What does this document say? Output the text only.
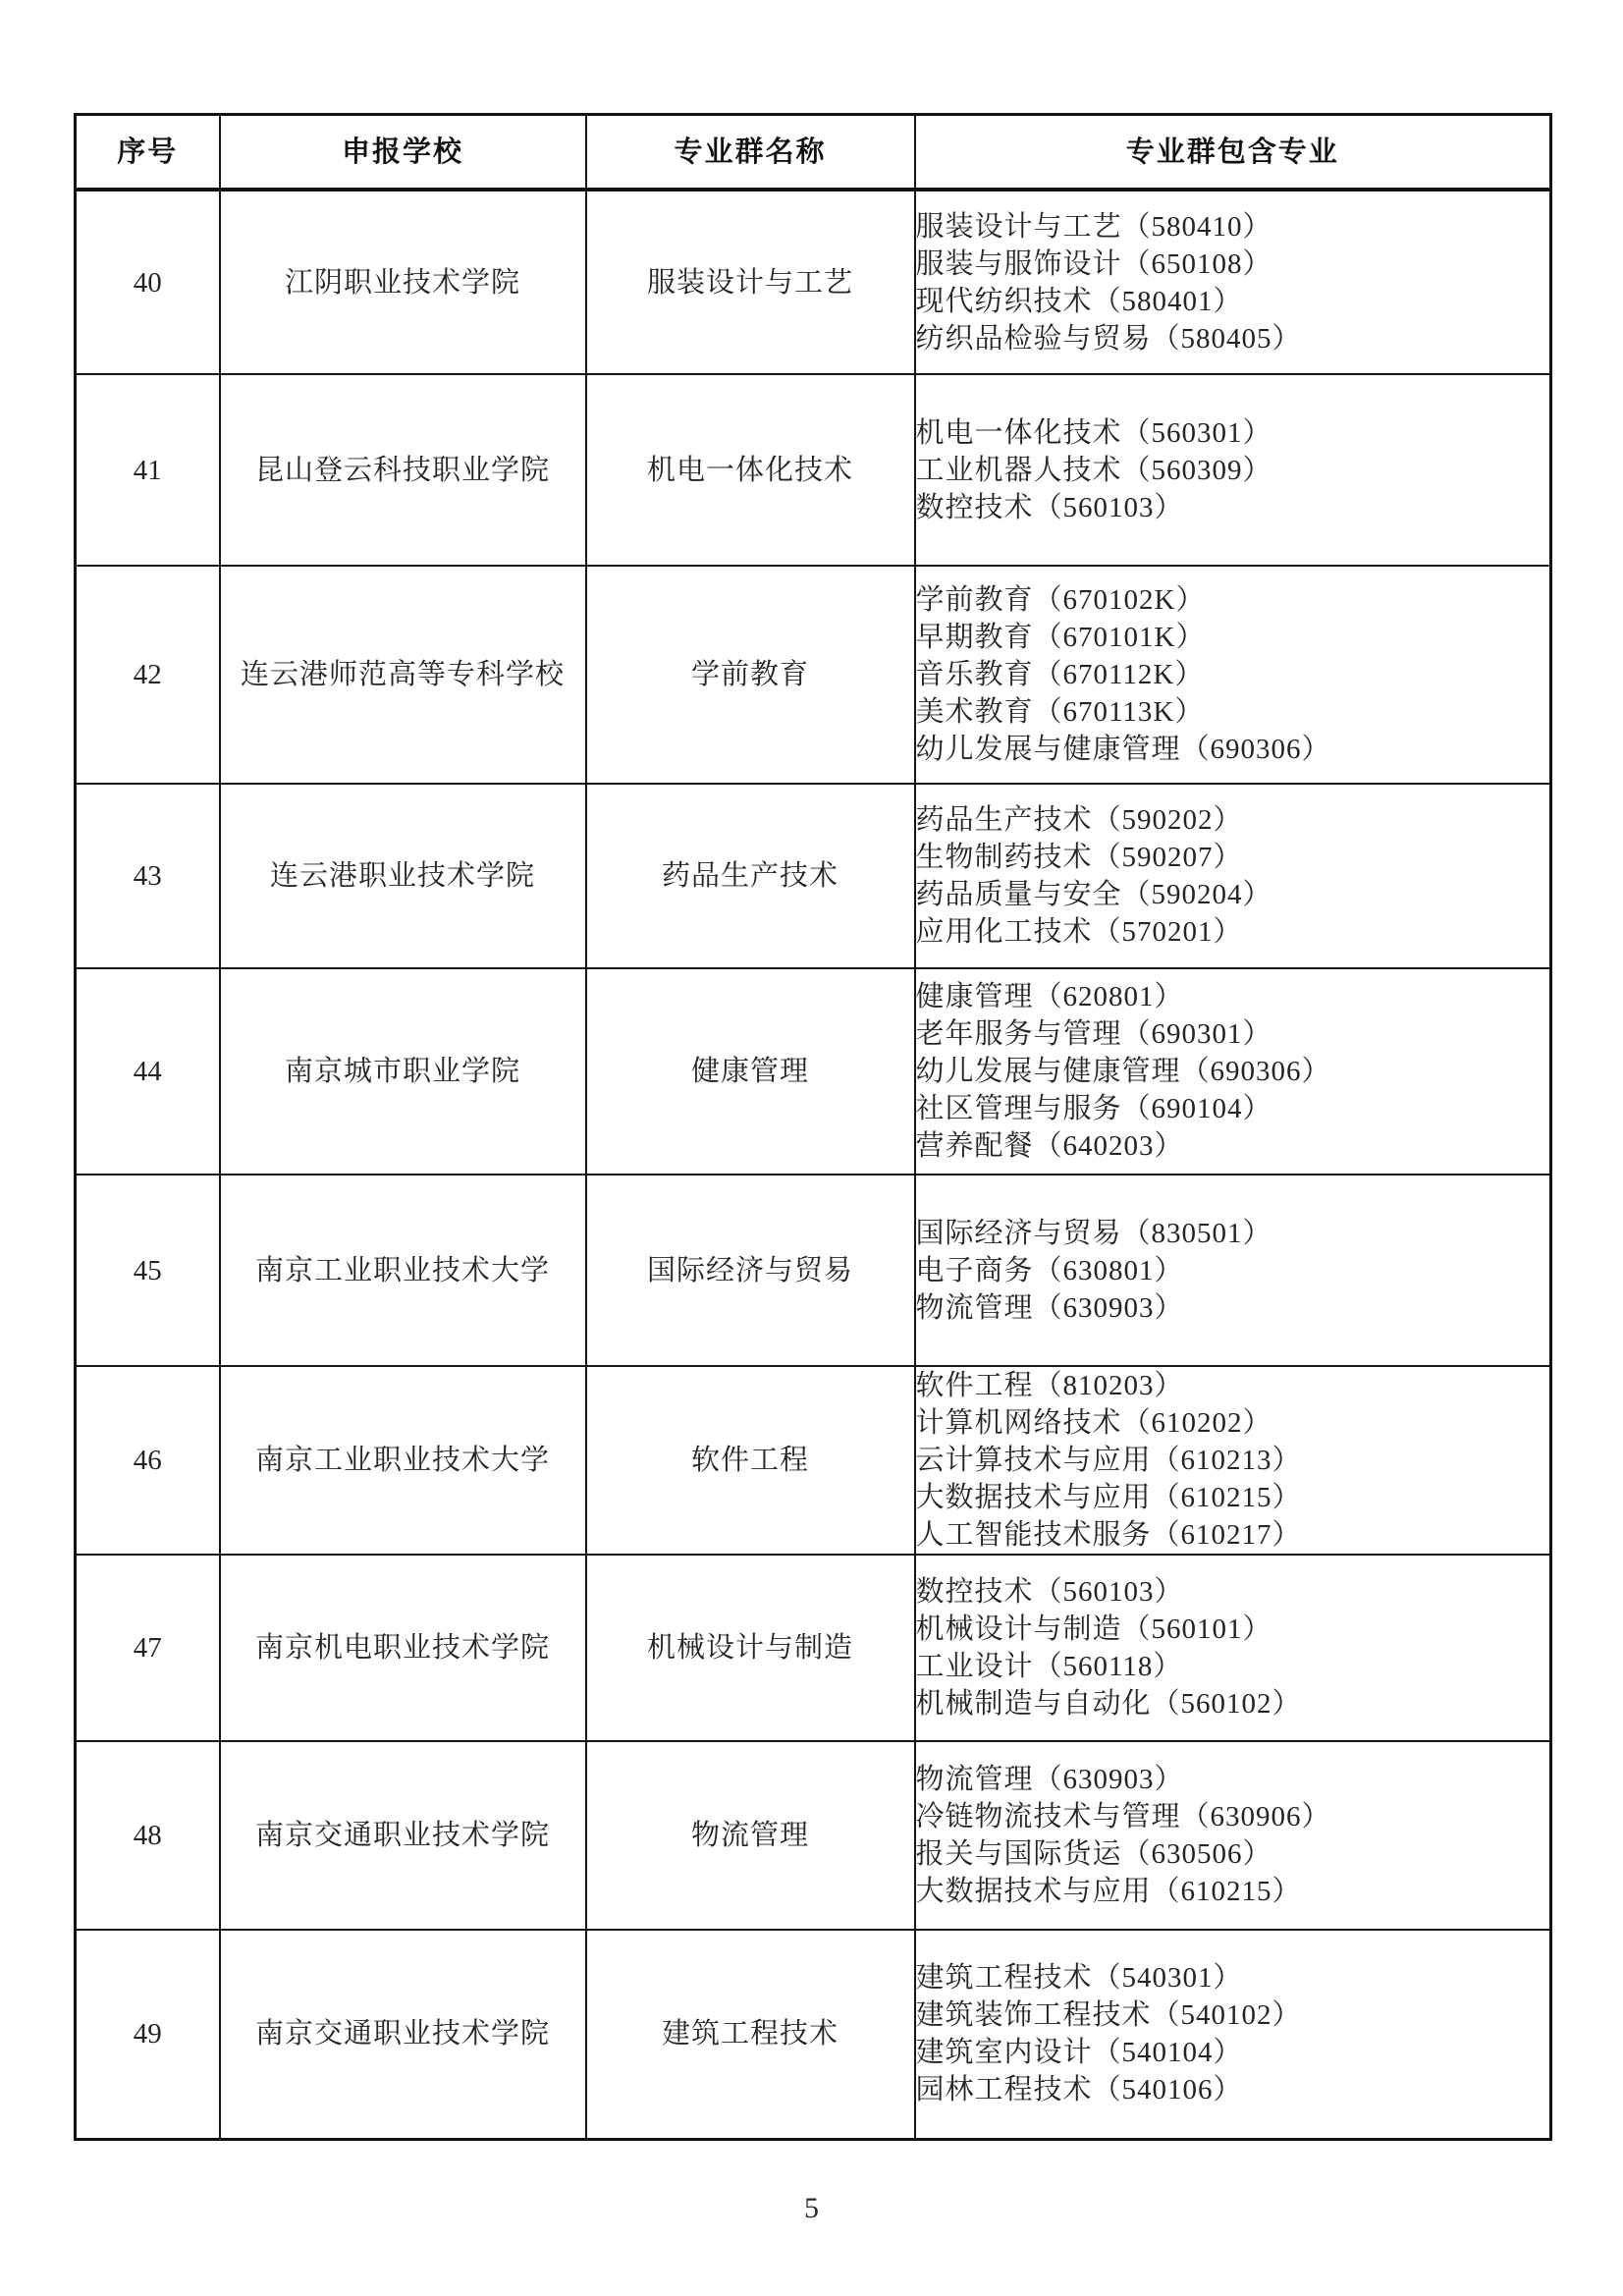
序号	申报学校	专业群名称	专业群包含专业
40	江阴职业技术学院	服装设计与工艺	服装设计与工艺（580410）
服装与服饰设计（650108）
现代纺织技术（580401）
纺织品检验与贸易（580405）

41	昆山登云科技职业学院	机电一体化技术	机电一体化技术（560301）
工业机器人技术（560309）
数控技术（560103）

42	连云港师范高等专科学校	学前教育	学前教育（670102K）
早期教育（670101K）
音乐教育（670112K）
美术教育（670113K）
幼儿发展与健康管理（690306）

43	连云港职业技术学院	药品生产技术	药品生产技术（590202）
生物制药技术（590207）
药品质量与安全（590204）
应用化工技术（570201）

44	南京城市职业学院	健康管理	健康管理（620801）
老年服务与管理（690301）
幼儿发展与健康管理（690306）
社区管理与服务（690104）
营养配餐（640203）

45	南京工业职业技术大学	国际经济与贸易	国际经济与贸易（830501）
电子商务（630801）
物流管理（630903）

46	南京工业职业技术大学	软件工程	软件工程（810203）
计算机网络技术（610202）
云计算技术与应用（610213）
大数据技术与应用（610215）
人工智能技术服务（610217）

47	南京机电职业技术学院	机械设计与制造	数控技术（560103）
机械设计与制造（560101）
工业设计（560118）
机械制造与自动化（560102）

48	南京交通职业技术学院	物流管理	物流管理（630903）
冷链物流技术与管理（630906）
报关与国际货运（630506）
大数据技术与应用（610215）

49	南京交通职业技术学院	建筑工程技术	建筑工程技术（540301）
建筑装饰工程技术（540102）
建筑室内设计（540104）
园林工程技术（540106）
5
